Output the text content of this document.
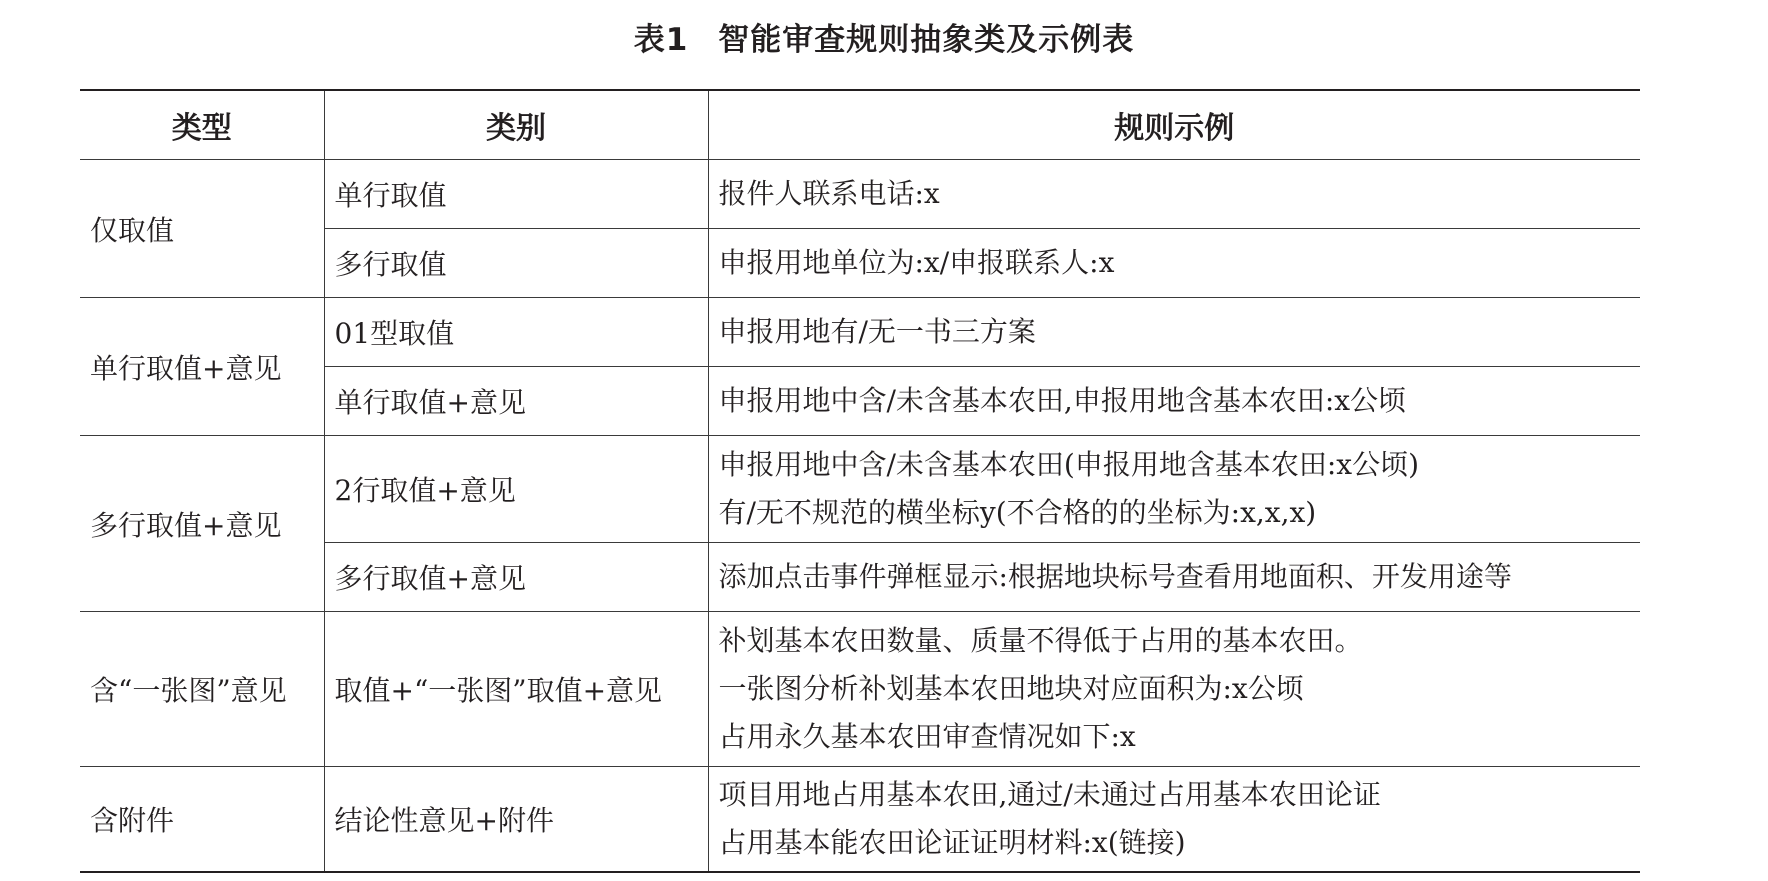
表1 智能审查规则抽象类及示例表
类型	类别	规则示例
仅取值	单行取值	报件人联系电话:x

	多行取值	申报用地单位为:x/申报联系人:x

单行取值+意见	01型取值	申报用地有/无一书三方案

	单行取值+意见	申报用地中含/未含基本农田,申报用地含基本农田:x公顷

多行取值+意见	2行取值+意见	申报用地中含/未含基本农田(申报用地含基本农田:x公顷)
有/无不规范的横坐标y(不合格的的坐标为:x,x,x)

	多行取值+意见	添加点击事件弹框显示:根据地块标号查看用地面积、开发用途等

含“一张图”意见	取值+“一张图”取值+意见	补划基本农田数量、质量不得低于占用的基本农田。
一张图分析补划基本农田地块对应面积为:x公顷
占用永久基本农田审查情况如下:x

含附件	结论性意见+附件	项目用地占用基本农田,通过/未通过占用基本农田论证
占用基本能农田论证证明材料:x(链接)
